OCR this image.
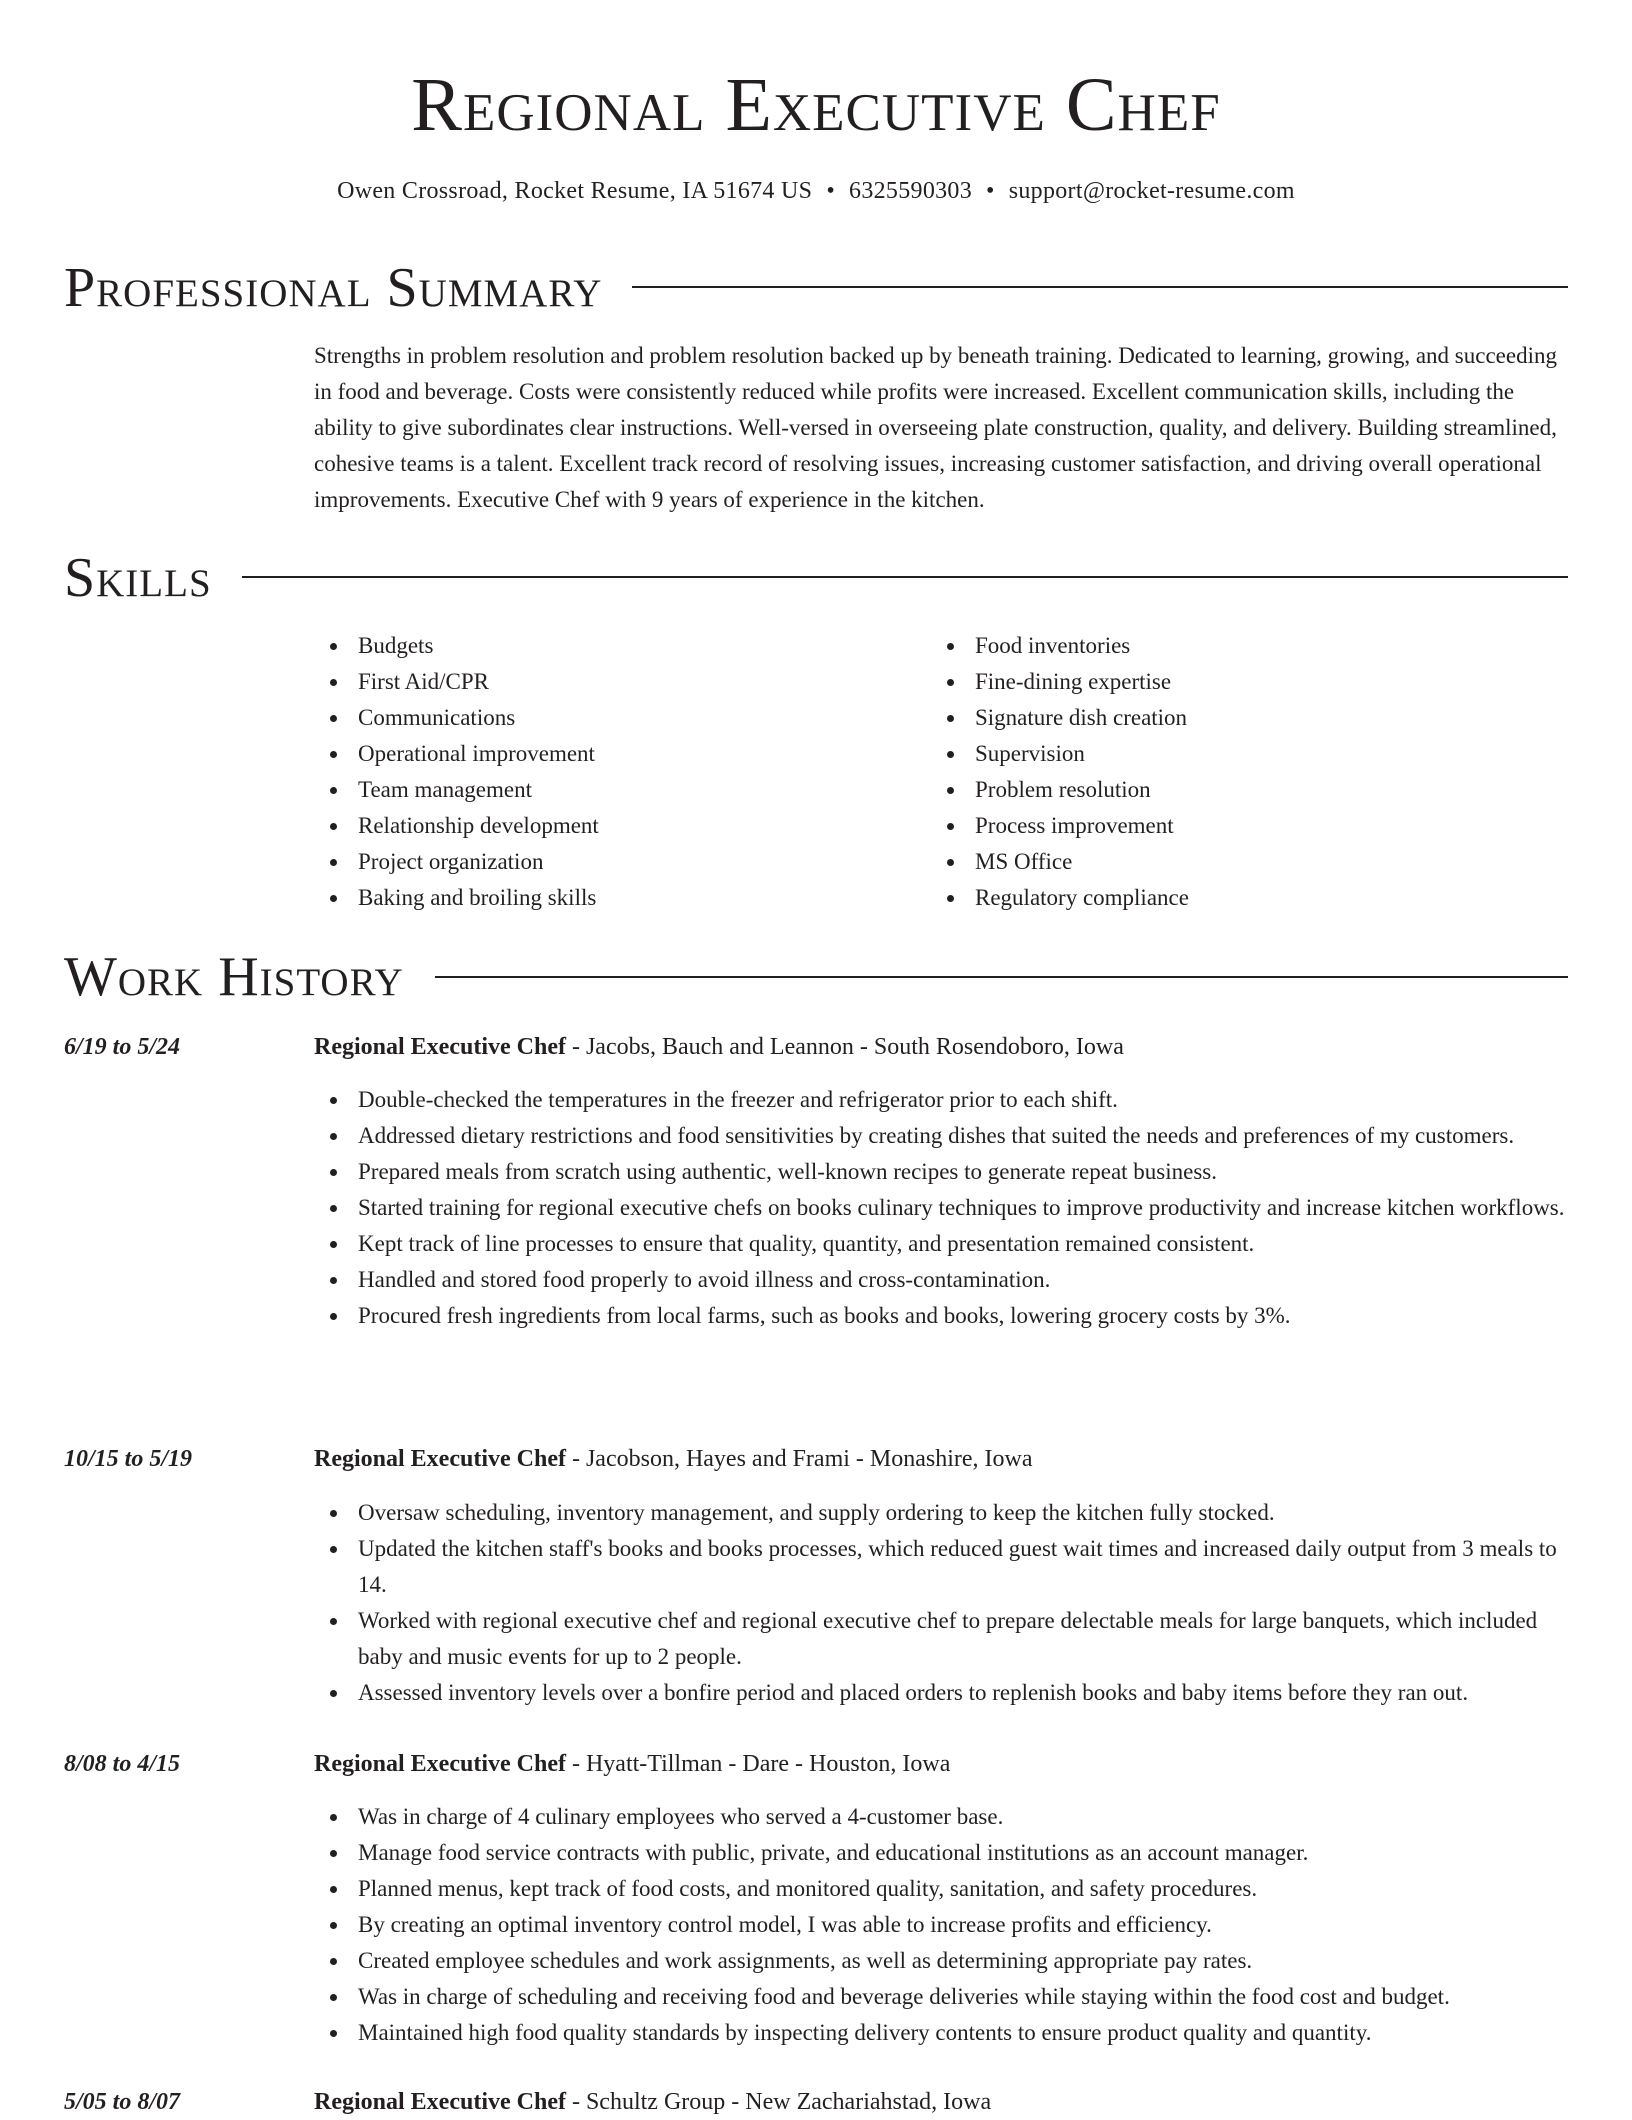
Regional Executive Chef
Owen Crossroad, Rocket Resume, IA 51674 US • 6325590303 • support@rocket-resume.com
Professional Summary

Strengths in problem resolution and problem resolution backed up by beneath training. Dedicated to learning, growing, and succeeding in food and beverage. Costs were consistently reduced while profits were increased. Excellent communication skills, including the ability to give subordinates clear instructions. Well-versed in overseeing plate construction, quality, and delivery. Building streamlined, cohesive teams is a talent. Excellent track record of resolving issues, increasing customer satisfaction, and driving overall operational improvements. Executive Chef with 9 years of experience in the kitchen.

Skills
Budgets
First Aid/CPR
Communications
Operational improvement
Team management
Relationship development
Project organization
Baking and broiling skills
Food inventories
Fine-dining expertise
Signature dish creation
Supervision
Problem resolution
Process improvement
MS Office
Regulatory compliance
Work History
6/19 to 5/24	Regional Executive Chef - Jacobs, Bauch and Leannon - South Rosendoboro, Iowa
Double-checked the temperatures in the freezer and refrigerator prior to each shift.
Addressed dietary restrictions and food sensitivities by creating dishes that suited the needs and preferences of my customers.
Prepared meals from scratch using authentic, well-known recipes to generate repeat business.
Started training for regional executive chefs on books culinary techniques to improve productivity and increase kitchen workflows.
Kept track of line processes to ensure that quality, quantity, and presentation remained consistent.
Handled and stored food properly to avoid illness and cross-contamination.
Procured fresh ingredients from local farms, such as books and books, lowering grocery costs by 3%.
10/15 to 5/19	Regional Executive Chef - Jacobson, Hayes and Frami - Monashire, Iowa
Oversaw scheduling, inventory management, and supply ordering to keep the kitchen fully stocked.
Updated the kitchen staff's books and books processes, which reduced guest wait times and increased daily output from 3 meals to 14.
Worked with regional executive chef and regional executive chef to prepare delectable meals for large banquets, which included baby and music events for up to 2 people.
Assessed inventory levels over a bonfire period and placed orders to replenish books and baby items before they ran out.
8/08 to 4/15	Regional Executive Chef - Hyatt-Tillman - Dare - Houston, Iowa
Was in charge of 4 culinary employees who served a 4-customer base.
Manage food service contracts with public, private, and educational institutions as an account manager.
Planned menus, kept track of food costs, and monitored quality, sanitation, and safety procedures.
By creating an optimal inventory control model, I was able to increase profits and efficiency.
Created employee schedules and work assignments, as well as determining appropriate pay rates.
Was in charge of scheduling and receiving food and beverage deliveries while staying within the food cost and budget.
Maintained high food quality standards by inspecting delivery contents to ensure product quality and quantity.
5/05 to 8/07	Regional Executive Chef - Schultz Group - New Zachariahstad, Iowa
